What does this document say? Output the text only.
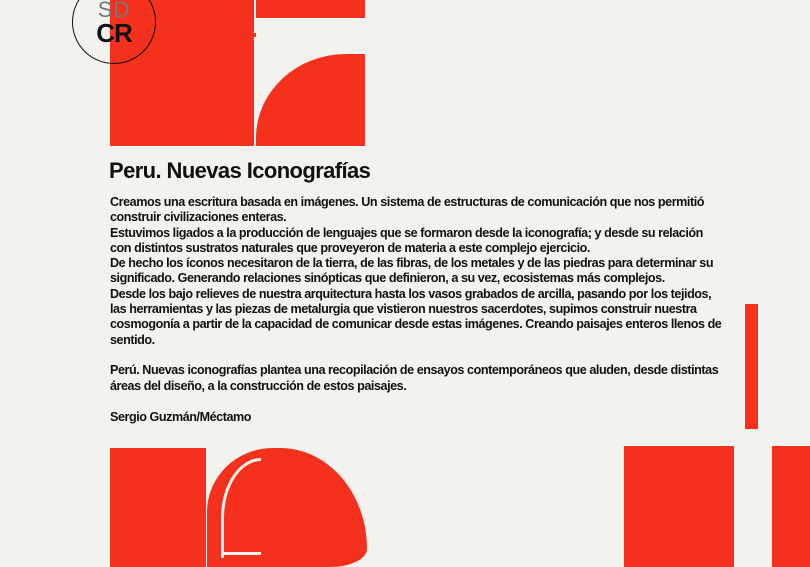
SD
CR
Peru. Nuevas Iconografías

Creamos una escritura basada en imágenes. Un sistema de estructuras de comunicación que nos permitió construir civilizaciones enteras.

Estuvimos ligados a la producción de lenguajes que se formaron desde la iconografía; y desde su relación con distintos sustratos naturales que proveyeron de materia a este complejo ejercicio.

De hecho los íconos necesitaron de la tierra, de las fibras, de los metales y de las piedras para determinar su significado. Generando relaciones sinópticas que definieron, a su vez, ecosistemas más complejos.

Desde los bajo relieves de nuestra arquitectura hasta los vasos grabados de arcilla, pasando por los tejidos, las herramientas y las piezas de metalurgia que vistieron nuestros sacerdotes, supimos construir nuestra cosmogonía a partir de la capacidad de comunicar desde estas imágenes. Creando paisajes enteros llenos de sentido.

Perú. Nuevas iconografías plantea una recopilación de ensayos contemporáneos que aluden, desde distintas áreas del diseño, a la construcción de estos paisajes.

Sergio Guzmán/Méctamo
